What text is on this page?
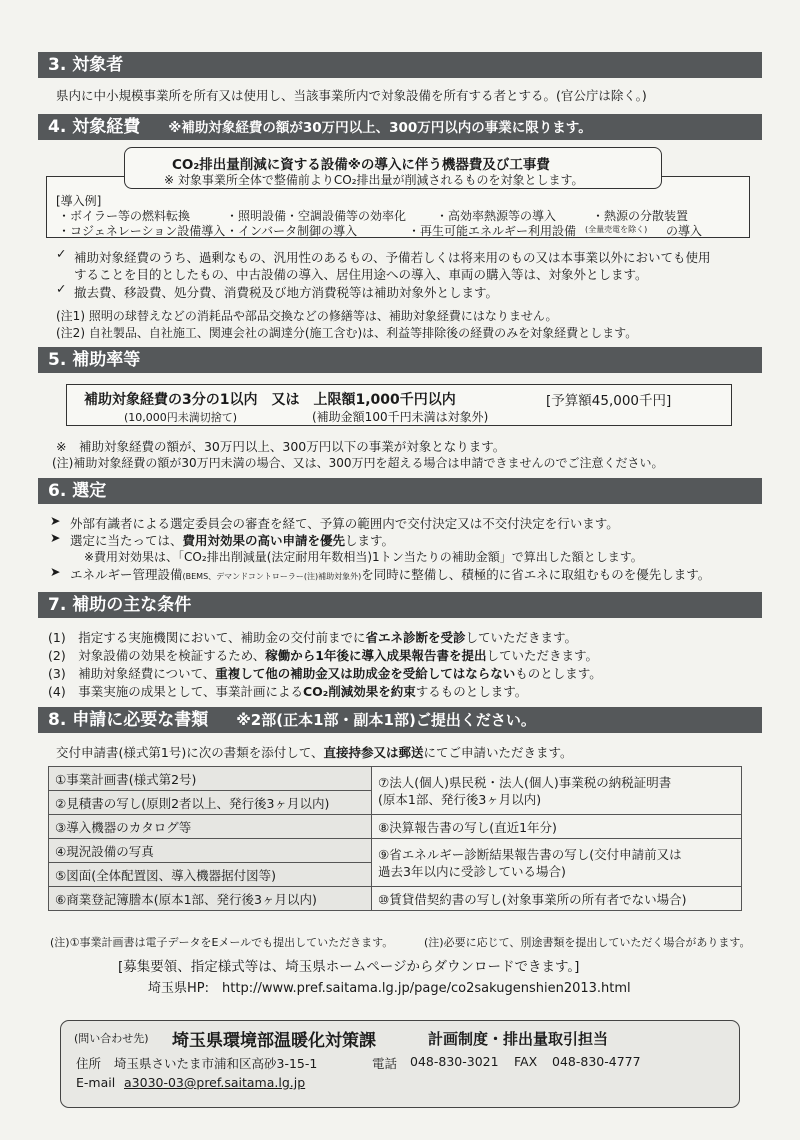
3. 対象者
県内に中小規模事業所を所有又は使用し、当該事業所内で対象設備を所有する者とする。(官公庁は除く。)
4. 対象経費 ※補助対象経費の額が30万円以上、300万円以内の事業に限ります。
CO₂排出量削減に資する設備※の導入に伴う機器費及び工事費
※ 対象事業所全体で整備前よりCO₂排出量が削減されるものを対象とします。
[導入例]
・ボイラー等の燃料転換	・照明設備・空調設備等の効率化 ・高効率熱源等の導入	・熱源の分散装置
・コジェネレーション設備導入 ・インバータ制御の導入	・再生可能エネルギー利用設備 (全量売電を除く) の導入
✓ 補助対象経費のうち、過剰なもの、汎用性のあるもの、予備若しくは将来用のもの又は本事業以外においても使用
することを目的としたもの、中古設備の導入、居住用途への導入、車両の購入等は、対象外とします。
✓ 撤去費、移設費、処分費、消費税及び地方消費税等は補助対象外とします。
(注1) 照明の球替えなどの消耗品や部品交換などの修繕等は、補助対象経費にはなりません。
(注2) 自社製品、自社施工、関連会社の調達分(施工含む)は、利益等排除後の経費のみを対象経費とします。
5. 補助率等
補助対象経費の3分の1以内　又は　上限額1,000千円以内	[予算額45,000千円]
(10,000円未満切捨て)	(補助金額100千円未満は対象外)
※　補助対象経費の額が、30万円以上、300万円以下の事業が対象となります。
(注)補助対象経費の額が30万円未満の場合、又は、300万円を超える場合は申請できませんのでご注意ください。
6. 選定
➤ 外部有識者による選定委員会の審査を経て、予算の範囲内で交付決定又は不交付決定を行います。
➤ 選定に当たっては、費用対効果の高い申請を優先します。
※費用対効果は、「CO₂排出削減量(法定耐用年数相当)1トン当たりの補助金額」で算出した額とします。
➤ エネルギー管理設備(BEMS、デマンドコントローラー(注)補助対象外)を同時に整備し、積極的に省エネに取組むものを優先します。
7. 補助の主な条件
(1)　 指定する実施機関において、補助金の交付前までに省エネ診断を受診していただきます。
(2)　 対象設備の効果を検証するため、稼働から1年後に導入成果報告書を提出していただきます。
(3)　 補助対象経費について、重複して他の補助金又は助成金を受給してはならないものとします。
(4)　 事業実施の成果として、事業計画によるCO₂削減効果を約束するものとします。
8. 申請に必要な書類 ※2部(正本1部・副本1部)ご提出ください。
交付申請書(様式第1号)に次の書類を添付して、直接持参又は郵送にてご申請いただきます。
①事業計画書(様式第2号)	⑦法人(個人)県民税・法人(個人)事業税の納税証明書
(原本1部、発行後3ヶ月以内)
②見積書の写し(原則2者以上、発行後3ヶ月以内)	
③導入機器のカタログ等	⑧決算報告書の写し(直近1年分)
④現況設備の写真	⑨省エネルギー診断結果報告書の写し(交付申請前又は
過去3年以内に受診している場合)
⑤図面(全体配置図、導入機器据付図等)	
⑥商業登記簿謄本(原本1部、発行後3ヶ月以内)	⑩賃貸借契約書の写し(対象事業所の所有者でない場合)
(注)①事業計画書は電子データをEメールでも提出していただきます。	(注)必要に応じて、別途書類を提出していただく場合があります。
[募集要領、指定様式等は、埼玉県ホームページからダウンロードできます。]
埼玉県HP:　 http://www.pref.saitama.lg.jp/page/co2sakugenshien2013.html
(問い合わせ先) 埼玉県環境部温暖化対策課	計画制度・排出量取引担当
住所 埼玉県さいたま市浦和区高砂3-15-1	電話 048-830-3021 FAX 048-830-4777
E-mail a3030-03@pref.saitama.lg.jp
